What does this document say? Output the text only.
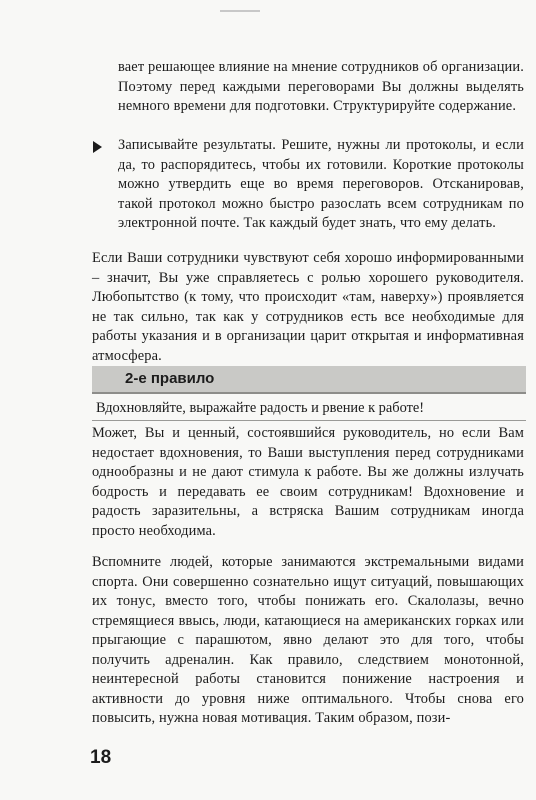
вает решающее влияние на мнение сотрудников об организации. Поэтому перед каждыми переговорами Вы должны выделять немного времени для подготовки. Структурируйте содержание.

Записывайте результаты. Решите, нужны ли протоколы, и если да, то распорядитесь, чтобы их готовили. Короткие протоколы можно утвердить еще во время переговоров. Отсканировав, такой протокол можно быстро разослать всем сотрудникам по электронной почте. Так каждый будет знать, что ему делать.

Если Ваши сотрудники чувствуют себя хорошо информированными – значит, Вы уже справляетесь с ролью хорошего руководителя. Любопытство (к тому, что происходит «там, наверху») проявляется не так сильно, так как у сотрудников есть все необходимые для работы указания и в организации царит открытая и информативная атмосфера.

2-е правило
Вдохновляйте, выражайте радость и рвение к работе!

Может, Вы и ценный, состоявшийся руководитель, но если Вам недостает вдохновения, то Ваши выступления перед сотрудниками однообразны и не дают стимула к работе. Вы же должны излучать бодрость и передавать ее своим сотрудникам! Вдохновение и радость заразительны, а встряска Вашим сотрудникам иногда просто необходима.

Вспомните людей, которые занимаются экстремальными видами спорта. Они совершенно сознательно ищут ситуаций, повышающих их тонус, вместо того, чтобы понижать его. Скалолазы, вечно стремящиеся ввысь, люди, катающиеся на американских горках или прыгающие с парашютом, явно делают это для того, чтобы получить адреналин. Как правило, следствием монотонной, неинтересной работы становится понижение настроения и активности до уровня ниже оптимального. Чтобы снова его повысить, нужна новая мотивация. Таким образом, пози-

18
